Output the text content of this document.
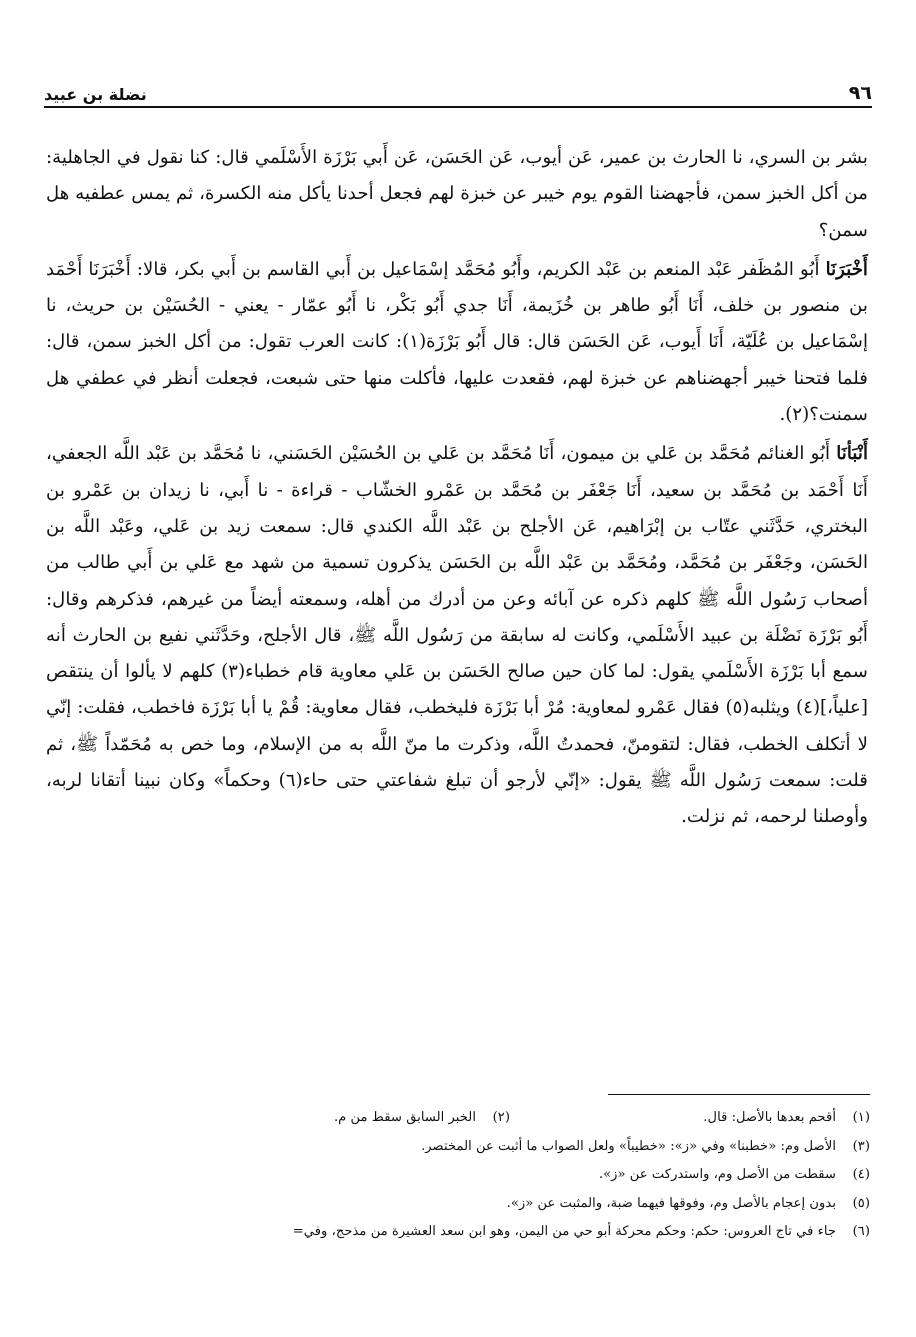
٩٦
نضلة بن عبيد

بشر بن السري، نا الحارث بن عمير، عَن أيوب، عَن الحَسَن، عَن أَبي بَرْزَة الأَسْلَمي قال: كنا نقول في الجاهلية: من أكل الخبز سمن، فأجهضنا القوم يوم خيبر عن خبزة لهم فجعل أحدنا يأكل منه الكسرة، ثم يمس عطفيه هل سمن؟

أَخْبَرَنَا أَبُو المُظَفر عَبْد المنعم بن عَبْد الكريم، وأَبُو مُحَمَّد إسْمَاعيل بن أَبي القاسم بن أَبي بكر، قالا: أَخْبَرَنَا أَحْمَد بن منصور بن خلف، أَنَا أَبُو طاهر بن خُزَيمة، أَنَا جدي أَبُو بَكْر، نا أَبُو عمّار - يعني - الحُسَيْن بن حريث، نا إسْمَاعيل بن عُلَيّة، أَنَا أَيوب، عَن الحَسَن قال: قال أَبُو بَرْزَة(١): كانت العرب تقول: من أكل الخبز سمن، قال: فلما فتحنا خيبر أجهضناهم عن خبزة لهم، فقعدت عليها، فأكلت منها حتى شبعت، فجعلت أنظر في عطفي هل سمنت؟(٢).

أَنْبَأنَا أَبُو الغنائم مُحَمَّد بن عَلي بن ميمون، أَنَا مُحَمَّد بن عَلي بن الحُسَيْن الحَسَني، نا مُحَمَّد بن عَبْد اللَّه الجعفي، أَنَا أَحْمَد بن مُحَمَّد بن سعيد، أَنَا جَعْفَر بن مُحَمَّد بن عَمْرو الخشّاب - قراءة - نا أَبي، نا زيدان بن عَمْرو بن البختري، حَدَّثَني عتّاب بن إبْرَاهيم، عَن الأجلح بن عَبْد اللَّه الكندي قال: سمعت زيد بن عَلي، وعَبْد اللَّه بن الحَسَن، وجَعْفَر بن مُحَمَّد، ومُحَمَّد بن عَبْد اللَّه بن الحَسَن يذكرون تسمية من شهد مع عَلي بن أَبي طالب من أصحاب رَسُول اللَّه ﷺ كلهم ذكره عن آبائه وعن من أدرك من أهله، وسمعته أيضاً من غيرهم، فذكرهم وقال: أَبُو بَرْزَة نَضْلَة بن عبيد الأَسْلَمي، وكانت له سابقة من رَسُول اللَّه ﷺ، قال الأجلح، وحَدَّثَني نفيع بن الحارث أنه سمع أبا بَرْزَة الأَسْلَمي يقول: لما كان حين صالح الحَسَن بن عَلي معاوية قام خطباء(٣) كلهم لا يألوا أن ينتقص [علياً،](٤) ويثلبه(٥) فقال عَمْرو لمعاوية: مُرْ أبا بَرْزَة فليخطب، فقال معاوية: قُمْ يا أبا بَرْزَة فاخطب، فقلت: إنّي لا أتكلف الخطب، فقال: لتقومنّ، فحمدتُ اللَّه، وذكرت ما منّ اللَّه به من الإسلام، وما خص به مُحَمّداً ﷺ، ثم قلت: سمعت رَسُول اللَّه ﷺ يقول: «إنّي لأرجو أن تبلغ شفاعتي حتى حاء(٦) وحكماً» وكان نبينا أتقانا لربه، وأوصلنا لرحمه، ثم نزلت.

(١)أقحم بعدها بالأصل: قال.
(٢)الخبر السابق سقط من م.
(٣)الأصل وم: «خطبنا» وفي «ز»: «خطيباً» ولعل الصواب ما أثبت عن المختصر.
(٤)سقطت من الأصل وم، واستدركت عن «ز».
(٥)بدون إعجام بالأصل وم، وفوقها فيهما ضبة، والمثبت عن «ز».
(٦)جاء في تاج العروس: حكم: وحكم محركة أبو حي من اليمن، وهو ابن سعد العشيرة من مذحج، وفي=
